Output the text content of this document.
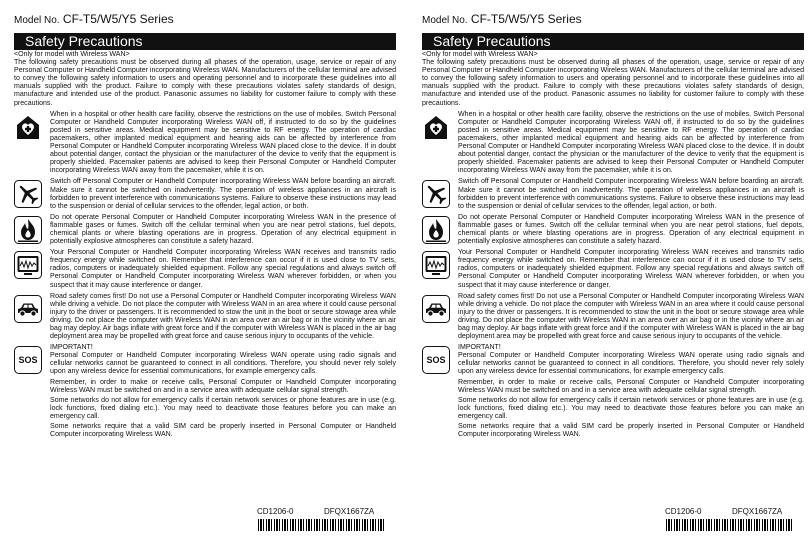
Model No. CF-T5/W5/Y5 Series
Safety Precautions
<Only for model with Wireless WAN>
The following safety precautions must be observed during all phases of the operation, usage, service or repair of any Personal Computer or Handheld Computer incorporating Wireless WAN. Manufacturers of the cellular terminal are advised to convey the following safety information to users and operating personnel and to incorporate these guidelines into all manuals supplied with the product. Failure to comply with these precautions violates safety standards of design, manufacture and intended use of the product. Panasonic assumes no liability for customer failure to comply with these precautions.
When in a hospital or other health care facility, observe the restrictions on the use of mobiles. Switch Personal Computer or Handheld Computer incorporating Wireless WAN off, if instructed to do so by the guidelines posted in sensitive areas. Medical equipment may be sensitive to RF energy. The operation of cardiac pacemakers, other implanted medical equipment and hearing aids can be affected by interference from Personal Computer or Handheld Computer incorporating Wireless WAN placed close to the device. If in doubt about potential danger, contact the physician or the manufacturer of the device to verify that the equipment is properly shielded. Pacemaker patients are advised to keep their Personal Computer or Handheld Computer incorporating Wireless WAN away from the pacemaker, while it is on.
Switch off Personal Computer or Handheld Computer incorporating Wireless WAN before boarding an aircraft. Make sure it cannot be switched on inadvertently. The operation of wireless appliances in an aircraft is forbidden to prevent interference with communications systems. Failure to observe these instructions may lead to the suspension or denial of cellular services to the offender, legal action, or both.
Do not operate Personal Computer or Handheld Computer incorporating Wireless WAN in the presence of flammable gases or fumes. Switch off the cellular terminal when you are near petrol stations, fuel depots, chemical plants or where blasting operations are in progress. Operation of any electrical equipment in potentially explosive atmospheres can constitute a safety hazard.
Your Personal Computer or Handheld Computer incorporating Wireless WAN receives and transmits radio frequency energy while switched on. Remember that interference can occur if it is used close to TV sets, radios, computers or inadequately shielded equipment. Follow any special regulations and always switch off Personal Computer or Handheld Computer incorporating Wireless WAN wherever forbidden, or when you suspect that it may cause interference or danger.
Road safety comes first! Do not use a Personal Computer or Handheld Computer incorporating Wireless WAN while driving a vehicle. Do not place the computer with Wireless WAN in an area where it could cause personal injury to the driver or passengers. It is recommended to stow the unit in the boot or secure stowage area while driving. Do not place the computer with Wireless WAN in an area over an air bag or in the vicinity where an air bag may deploy. Air bags inflate with great force and if the computer with Wireless WAN is placed in the air bag deployment area may be propelled with great force and cause serious injury to occupants of the vehicle.
SOS
IMPORTANT!
Personal Computer or Handheld Computer incorporating Wireless WAN operate using radio signals and cellular networks cannot be guaranteed to connect in all conditions. Therefore, you should never rely solely upon any wireless device for essential communications, for example emergency calls.
Remember, in order to make or receive calls, Personal Computer or Handheld Computer incorporating Wireless WAN must be switched on and in a service area with adequate cellular signal strength.
Some networks do not allow for emergency calls if certain network services or phone features are in use (e.g. lock functions, fixed dialing etc.). You may need to deactivate those features before you can make an emergency call.
Some networks require that a valid SIM card be properly inserted in Personal Computer or Handheld Computer incorporating Wireless WAN.
CD1206-0	DFQX1667ZA
Model No. CF-T5/W5/Y5 Series
Safety Precautions
<Only for model with Wireless WAN>
The following safety precautions must be observed during all phases of the operation, usage, service or repair of any Personal Computer or Handheld Computer incorporating Wireless WAN. Manufacturers of the cellular terminal are advised to convey the following safety information to users and operating personnel and to incorporate these guidelines into all manuals supplied with the product. Failure to comply with these precautions violates safety standards of design, manufacture and intended use of the product. Panasonic assumes no liability for customer failure to comply with these precautions.
When in a hospital or other health care facility, observe the restrictions on the use of mobiles. Switch Personal Computer or Handheld Computer incorporating Wireless WAN off, if instructed to do so by the guidelines posted in sensitive areas. Medical equipment may be sensitive to RF energy. The operation of cardiac pacemakers, other implanted medical equipment and hearing aids can be affected by interference from Personal Computer or Handheld Computer incorporating Wireless WAN placed close to the device. If in doubt about potential danger, contact the physician or the manufacturer of the device to verify that the equipment is properly shielded. Pacemaker patients are advised to keep their Personal Computer or Handheld Computer incorporating Wireless WAN away from the pacemaker, while it is on.
Switch off Personal Computer or Handheld Computer incorporating Wireless WAN before boarding an aircraft. Make sure it cannot be switched on inadvertently. The operation of wireless appliances in an aircraft is forbidden to prevent interference with communications systems. Failure to observe these instructions may lead to the suspension or denial of cellular services to the offender, legal action, or both.
Do not operate Personal Computer or Handheld Computer incorporating Wireless WAN in the presence of flammable gases or fumes. Switch off the cellular terminal when you are near petrol stations, fuel depots, chemical plants or where blasting operations are in progress. Operation of any electrical equipment in potentially explosive atmospheres can constitute a safety hazard.
Your Personal Computer or Handheld Computer incorporating Wireless WAN receives and transmits radio frequency energy while switched on. Remember that interference can occur if it is used close to TV sets, radios, computers or inadequately shielded equipment. Follow any special regulations and always switch off Personal Computer or Handheld Computer incorporating Wireless WAN wherever forbidden, or when you suspect that it may cause interference or danger.
Road safety comes first! Do not use a Personal Computer or Handheld Computer incorporating Wireless WAN while driving a vehicle. Do not place the computer with Wireless WAN in an area where it could cause personal injury to the driver or passengers. It is recommended to stow the unit in the boot or secure stowage area while driving. Do not place the computer with Wireless WAN in an area over an air bag or in the vicinity where an air bag may deploy. Air bags inflate with great force and if the computer with Wireless WAN is placed in the air bag deployment area may be propelled with great force and cause serious injury to occupants of the vehicle.
SOS
IMPORTANT!
Personal Computer or Handheld Computer incorporating Wireless WAN operate using radio signals and cellular networks cannot be guaranteed to connect in all conditions. Therefore, you should never rely solely upon any wireless device for essential communications, for example emergency calls.
Remember, in order to make or receive calls, Personal Computer or Handheld Computer incorporating Wireless WAN must be switched on and in a service area with adequate cellular signal strength.
Some networks do not allow for emergency calls if certain network services or phone features are in use (e.g. lock functions, fixed dialing etc.). You may need to deactivate those features before you can make an emergency call.
Some networks require that a valid SIM card be properly inserted in Personal Computer or Handheld Computer incorporating Wireless WAN.
CD1206-0	DFQX1667ZA
